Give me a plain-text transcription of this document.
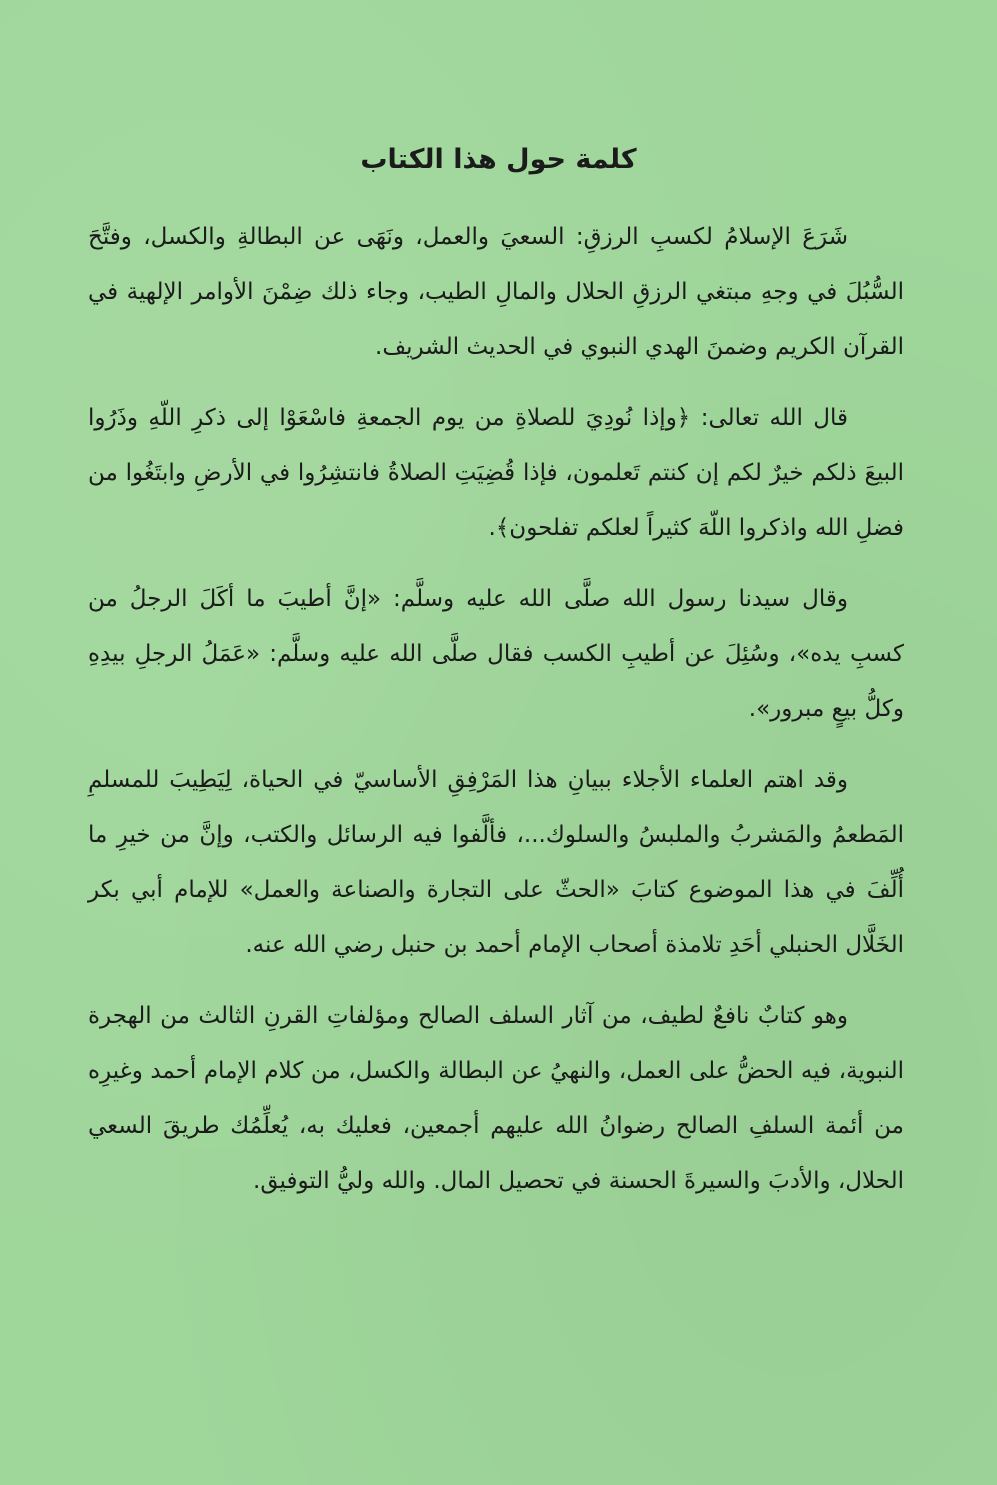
كلمة حول هذا الكتاب

شَرَعَ الإسلامُ لكسبِ الرزقِ: السعيَ والعمل، ونَهَى عن البطالةِ والكسل، وفتَّحَ السُّبُلَ في وجهِ مبتغي الرزقِ الحلال والمالِ الطيب، وجاء ذلك ضِمْنَ الأوامر الإلهية في القرآن الكريم وضمنَ الهدي النبوي في الحديث الشريف.

قال الله تعالى: ﴿وإذا نُودِيَ للصلاةِ من يوم الجمعةِ فاسْعَوْا إلى ذكرِ اللّهِ وذَرُوا البيعَ ذلكم خيرٌ لكم إن كنتم تَعلمون، فإذا قُضِيَتِ الصلاةُ فانتشِرُوا في الأرضِ وابتَغُوا من فضلِ الله واذكروا اللّهَ كثيراً لعلكم تفلحون﴾.

وقال سيدنا رسول الله صلَّى الله عليه وسلَّم: «إنَّ أطيبَ ما أكَلَ الرجلُ من كسبِ يده»، وسُئِلَ عن أطيبِ الكسب فقال صلَّى الله عليه وسلَّم: «عَمَلُ الرجلِ بيدِهِ وكلُّ بيعٍ مبرور».

وقد اهتم العلماء الأجلاء ببيانِ هذا المَرْفِقِ الأساسيّ في الحياة، لِيَطِيبَ للمسلمِ المَطعمُ والمَشربُ والملبسُ والسلوك...، فألَّفوا فيه الرسائل والكتب، وإنَّ من خيرِ ما أُلِّفَ في هذا الموضوع كتابَ «الحثّ على التجارة والصناعة والعمل» للإمام أبي بكر الخَلَّال الحنبلي أحَدِ تلامذة أصحاب الإمام أحمد بن حنبل رضي الله عنه.

وهو كتابٌ نافعٌ لطيف، من آثار السلف الصالح ومؤلفاتِ القرنِ الثالث من الهجرة النبوية، فيه الحضُّ على العمل، والنهيُ عن البطالة والكسل، من كلام الإمام أحمد وغيرِه من أئمة السلفِ الصالح رضوانُ الله عليهم أجمعين، فعليك به، يُعلِّمُك طريقَ السعي الحلال، والأدبَ والسيرةَ الحسنة في تحصيل المال. والله وليُّ التوفيق.
